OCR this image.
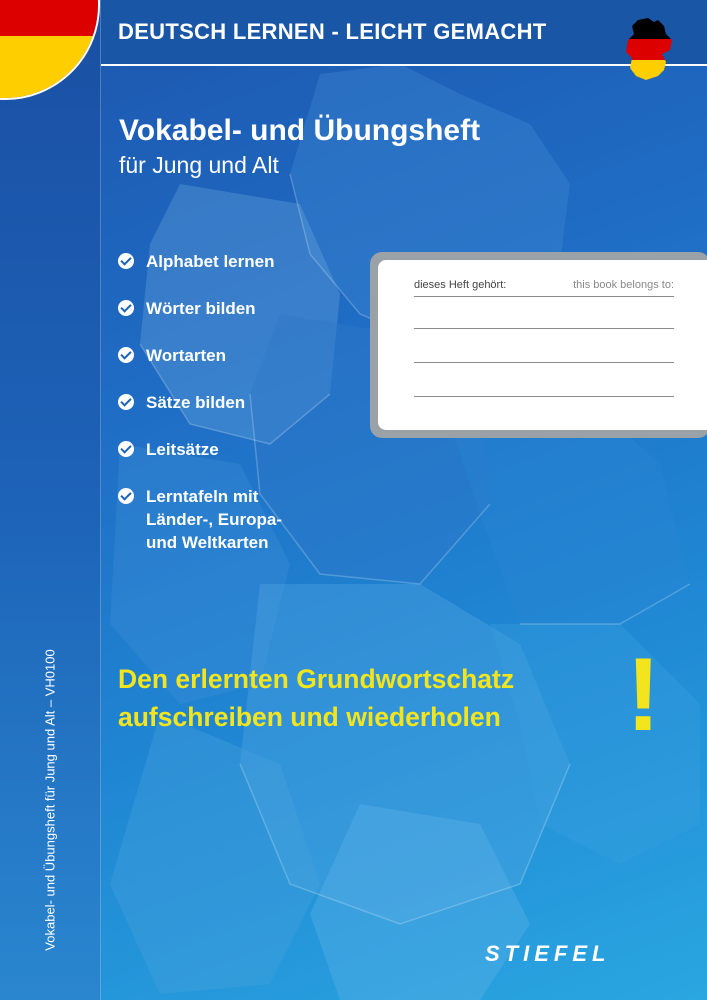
DEUTSCH LERNEN - LEICHT GEMACHT
Vokabel- und Übungsheft für Jung und Alt – VH0100
Vokabel- und Übungsheft
für Jung und Alt
Alphabet lernen
Wörter bilden
Wortarten
Sätze bilden
Leitsätze
Lerntafeln mit
Länder-, Europa-
und Weltkarten
dieses Heft gehört:	this book belongs to:
Den erlernten Grundwortschatz
aufschreiben und wiederholen !
STIEFEL
